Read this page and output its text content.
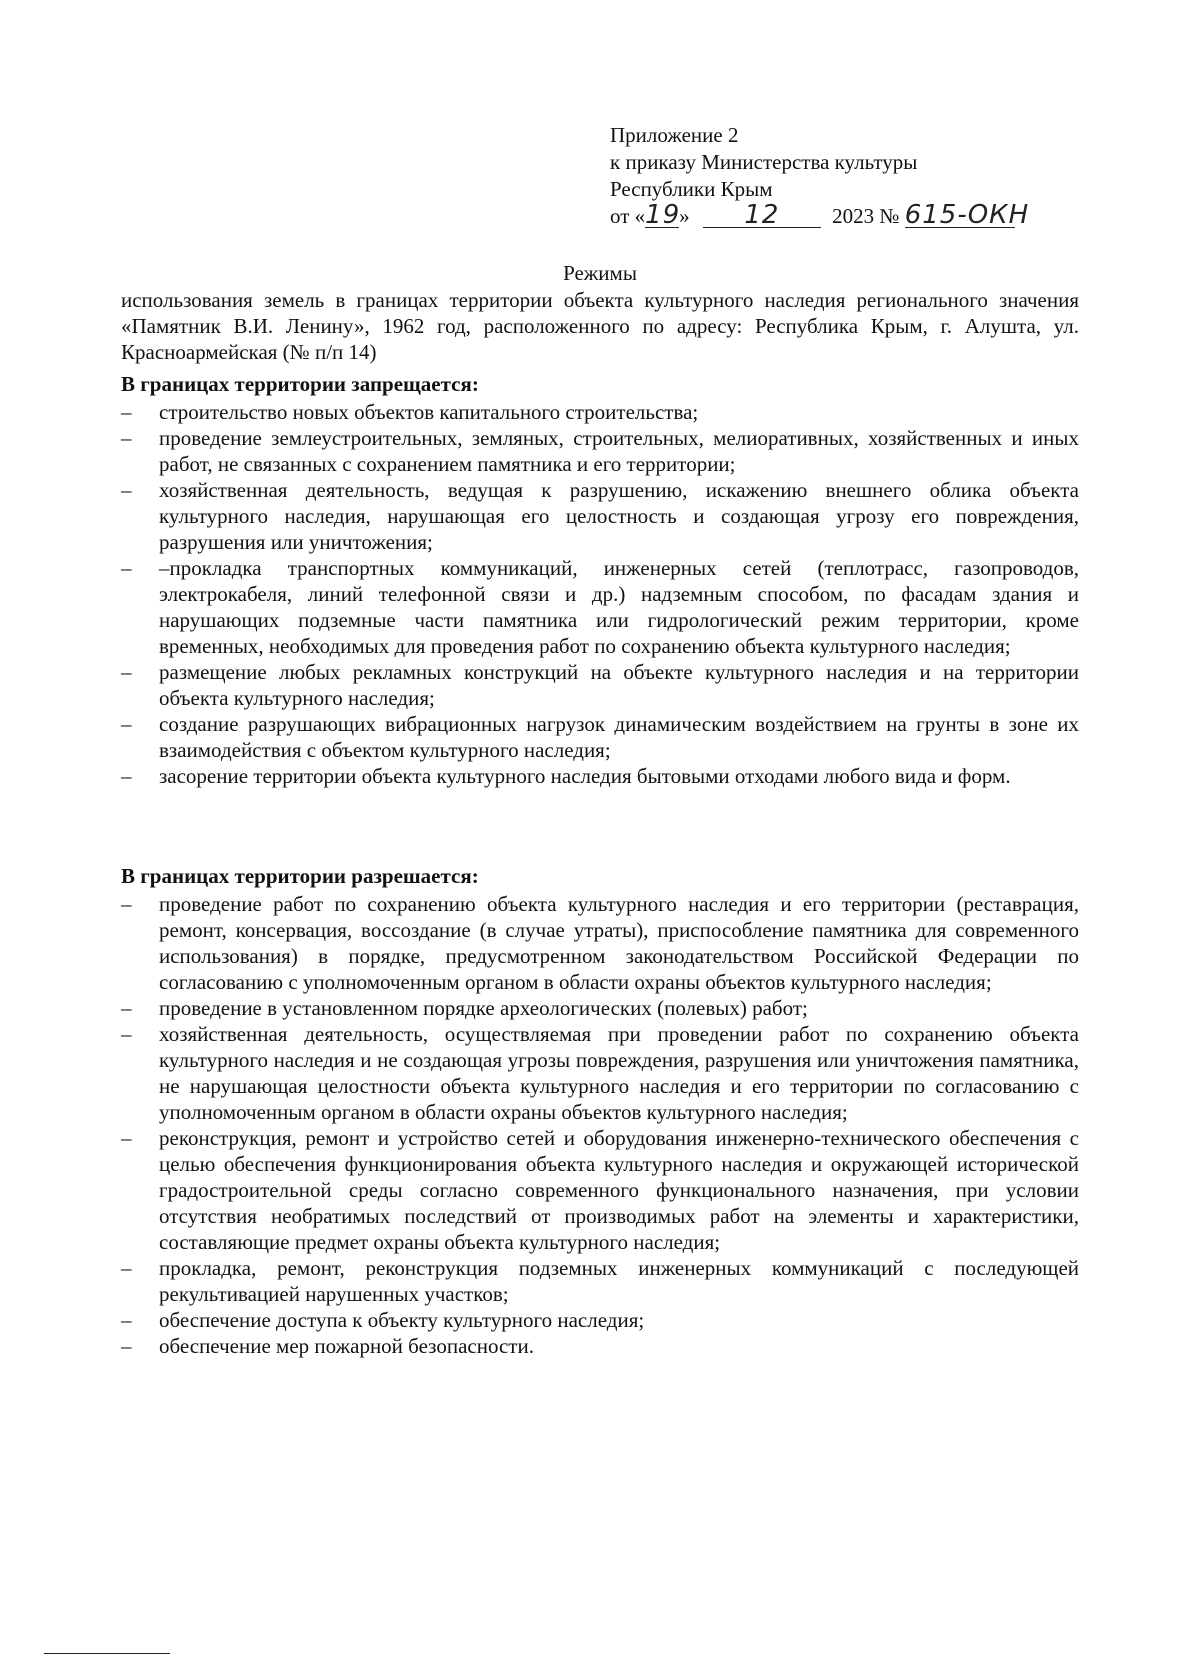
Приложение 2
к приказу Министерства культуры
Республики Крым
от «19» 12	2023 № 615-ОКН
Режимы
использования земель в границах территории объекта культурного наследия регионального значения «Памятник В.И. Ленину», 1962 год, расположенного по адресу: Республика Крым, г. Алушта, ул. Красноармейская (№ п/п 14)
В границах территории запрещается:
– строительство новых объектов капитального строительства;
– проведение землеустроительных, земляных, строительных, мелиоративных, хозяйственных и иных работ, не связанных с сохранением памятника и его территории;
– хозяйственная деятельность, ведущая к разрушению, искажению внешнего облика объекта культурного наследия, нарушающая его целостность и создающая угрозу его повреждения, разрушения или уничтожения;
– –прокладка транспортных коммуникаций, инженерных сетей (теплотрасс, газопроводов, электрокабеля, линий телефонной связи и др.) надземным способом, по фасадам здания и нарушающих подземные части памятника или гидрологический режим территории, кроме временных, необходимых для проведения работ по сохранению объекта культурного наследия;
– размещение любых рекламных конструкций на объекте культурного наследия и на территории объекта культурного наследия;
– создание разрушающих вибрационных нагрузок динамическим воздействием на грунты в зоне их взаимодействия с объектом культурного наследия;
– засорение территории объекта культурного наследия бытовыми отходами любого вида и форм.
В границах территории разрешается:
– проведение работ по сохранению объекта культурного наследия и его территории (реставрация, ремонт, консервация, воссоздание (в случае утраты), приспособление памятника для современного использования) в порядке, предусмотренном законодательством Российской Федерации по согласованию с уполномоченным органом в области охраны объектов культурного наследия;
– проведение в установленном порядке археологических (полевых) работ;
– хозяйственная деятельность, осуществляемая при проведении работ по сохранению объекта культурного наследия и не создающая угрозы повреждения, разрушения или уничтожения памятника, не нарушающая целостности объекта культурного наследия и его территории по согласованию с уполномоченным органом в области охраны объектов культурного наследия;
– реконструкция, ремонт и устройство сетей и оборудования инженерно-технического обеспечения с целью обеспечения функционирования объекта культурного наследия и окружающей исторической градостроительной среды согласно современного функционального назначения, при условии отсутствия необратимых последствий от производимых работ на элементы и характеристики, составляющие предмет охраны объекта культурного наследия;
– прокладка, ремонт, реконструкция подземных инженерных коммуникаций с последующей рекультивацией нарушенных участков;
– обеспечение доступа к объекту культурного наследия;
– обеспечение мер пожарной безопасности.
